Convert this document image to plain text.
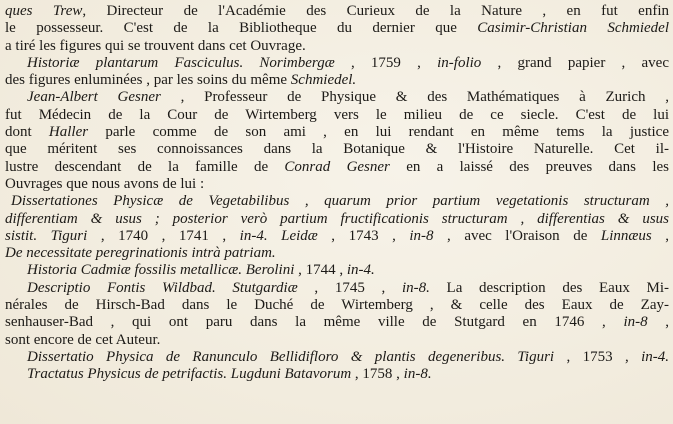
ques Trew, Directeur de l'Académie des Curieux de la Nature , en fut enfin
le possesseur. C'est de la Bibliotheque du dernier que Casimir-Christian Schmiedel
a tiré les figures qui se trouvent dans cet Ouvrage.
Historiæ plantarum Fasciculus. Norimbergæ , 1759 , in-folio , grand papier , avec
des figures enluminées , par les soins du même Schmiedel.
Jean-Albert Gesner , Professeur de Physique & des Mathématiques à Zurich ,
fut Médecin de la Cour de Wirtemberg vers le milieu de ce siecle. C'est de lui
dont Haller parle comme de son ami , en lui rendant en même tems la justice
que méritent ses connoissances dans la Botanique & l'Histoire Naturelle. Cet il-
lustre descendant de la famille de Conrad Gesner en a laissé des preuves dans les
Ouvrages que nous avons de lui :
Dissertationes Physicæ de Vegetabilibus , quarum prior partium vegetationis structuram ,
differentiam & usus ; posterior verò partium fructificationis structuram , differentias & usus
sistit. Tiguri , 1740 , 1741 , in-4. Leidæ , 1743 , in-8 , avec l'Oraison de Linnæus ,
De necessitate peregrinationis intrà patriam.
Historia Cadmiæ fossilis metallicæ. Berolini , 1744 , in-4.
Descriptio Fontis Wildbad. Stutgardiæ , 1745 , in-8. La description des Eaux Mi-
nérales de Hirsch-Bad dans le Duché de Wirtemberg , & celle des Eaux de Zay-
senhauser-Bad , qui ont paru dans la même ville de Stutgard en 1746 , in-8 ,
sont encore de cet Auteur.
Dissertatio Physica de Ranunculo Bellidifloro & plantis degeneribus. Tiguri , 1753 , in-4.
Tractatus Physicus de petrifactis. Lugduni Batavorum , 1758 , in-8.
